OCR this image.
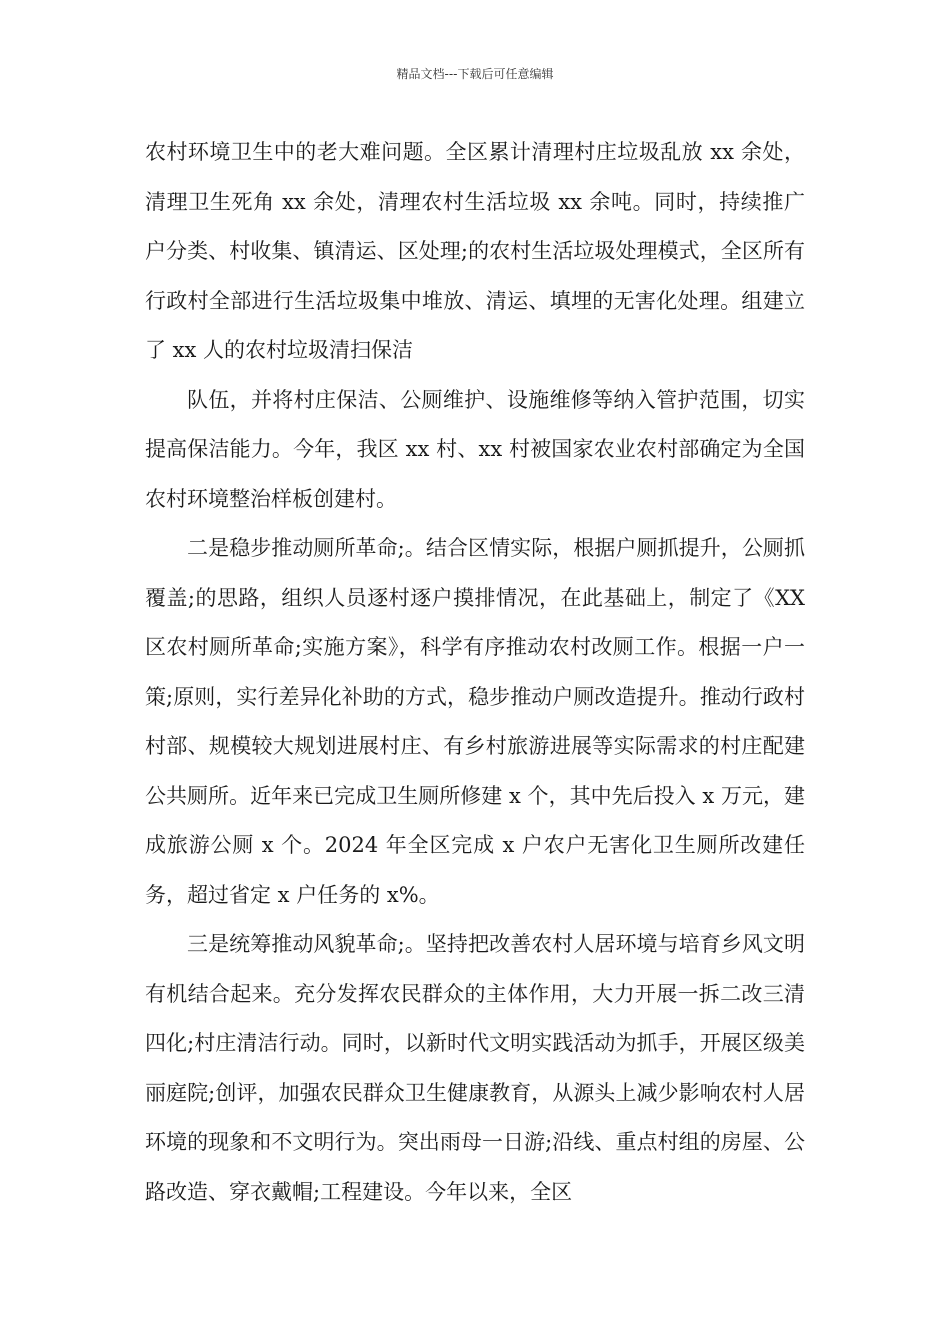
精品文档---下载后可任意编辑

农村环境卫生中的老大难问题。全区累计清理村庄垃圾乱放 xx 余处，清理卫生死角 xx 余处，清理农村生活垃圾 xx 余吨。同时，持续推广户分类、村收集、镇清运、区处理;的农村生活垃圾处理模式，全区所有行政村全部进行生活垃圾集中堆放、清运、填埋的无害化处理。组建立了 xx 人的农村垃圾清扫保洁

队伍，并将村庄保洁、公厕维护、设施维修等纳入管护范围，切实提高保洁能力。今年，我区 xx 村、xx 村被国家农业农村部确定为全国农村环境整治样板创建村。

二是稳步推动厕所革命;。结合区情实际，根据户厕抓提升，公厕抓覆盖;的思路，组织人员逐村逐户摸排情况，在此基础上，制定了《XX 区农村厕所革命;实施方案》，科学有序推动农村改厕工作。根据一户一策;原则，实行差异化补助的方式，稳步推动户厕改造提升。推动行政村村部、规模较大规划进展村庄、有乡村旅游进展等实际需求的村庄配建公共厕所。近年来已完成卫生厕所修建 x 个，其中先后投入 x 万元，建成旅游公厕 x 个。2024 年全区完成 x 户农户无害化卫生厕所改建任务，超过省定 x 户任务的 x%。

三是统筹推动风貌革命;。坚持把改善农村人居环境与培育乡风文明有机结合起来。充分发挥农民群众的主体作用，大力开展一拆二改三清四化;村庄清洁行动。同时，以新时代文明实践活动为抓手，开展区级美丽庭院;创评，加强农民群众卫生健康教育，从源头上减少影响农村人居环境的现象和不文明行为。突出雨母一日游;沿线、重点村组的房屋、公路改造、穿衣戴帽;工程建设。今年以来，全区
